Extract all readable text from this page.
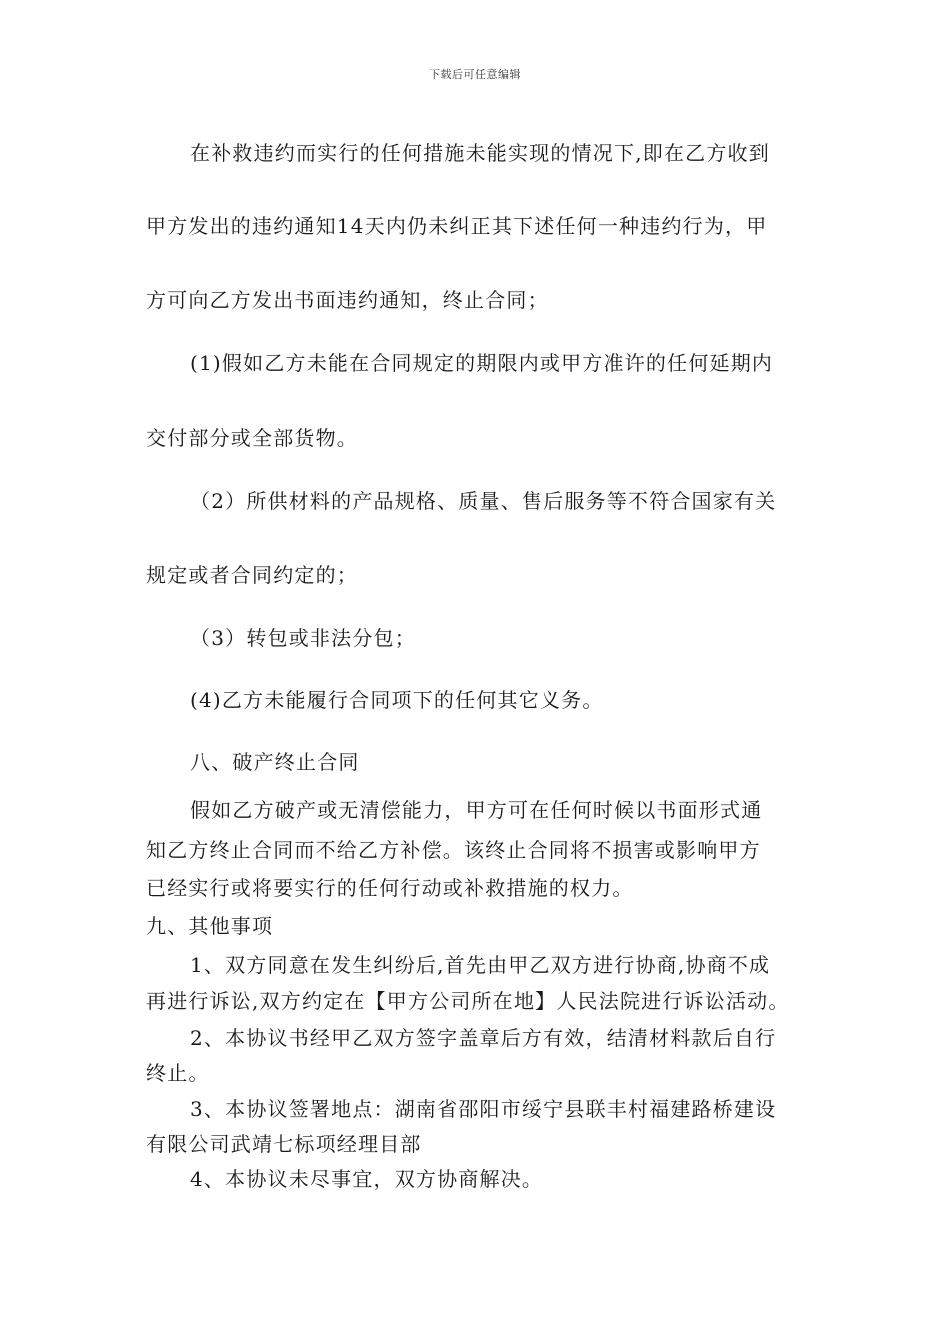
下载后可任意编辑
在补救违约而实行的任何措施未能实现的情况下,即在乙方收到
甲方发出的违约通知14天内仍未纠正其下述任何一种违约行为，甲
方可向乙方发出书面违约通知，终止合同；
(1)假如乙方未能在合同规定的期限内或甲方准许的任何延期内
交付部分或全部货物。
（2）所供材料的产品规格、质量、售后服务等不符合国家有关
规定或者合同约定的；
（3）转包或非法分包；
(4)乙方未能履行合同项下的任何其它义务。
八、破产终止合同
假如乙方破产或无清偿能力，甲方可在任何时候以书面形式通
知乙方终止合同而不给乙方补偿。该终止合同将不损害或影响甲方
已经实行或将要实行的任何行动或补救措施的权力。
九、其他事项
1、双方同意在发生纠纷后,首先由甲乙双方进行协商,协商不成
再进行诉讼,双方约定在【甲方公司所在地】人民法院进行诉讼活动。
2、本协议书经甲乙双方签字盖章后方有效，结清材料款后自行
终止。
3、本协议签署地点：湖南省邵阳市绥宁县联丰村福建路桥建设
有限公司武靖七标项经理目部
4、本协议未尽事宜，双方协商解决。
